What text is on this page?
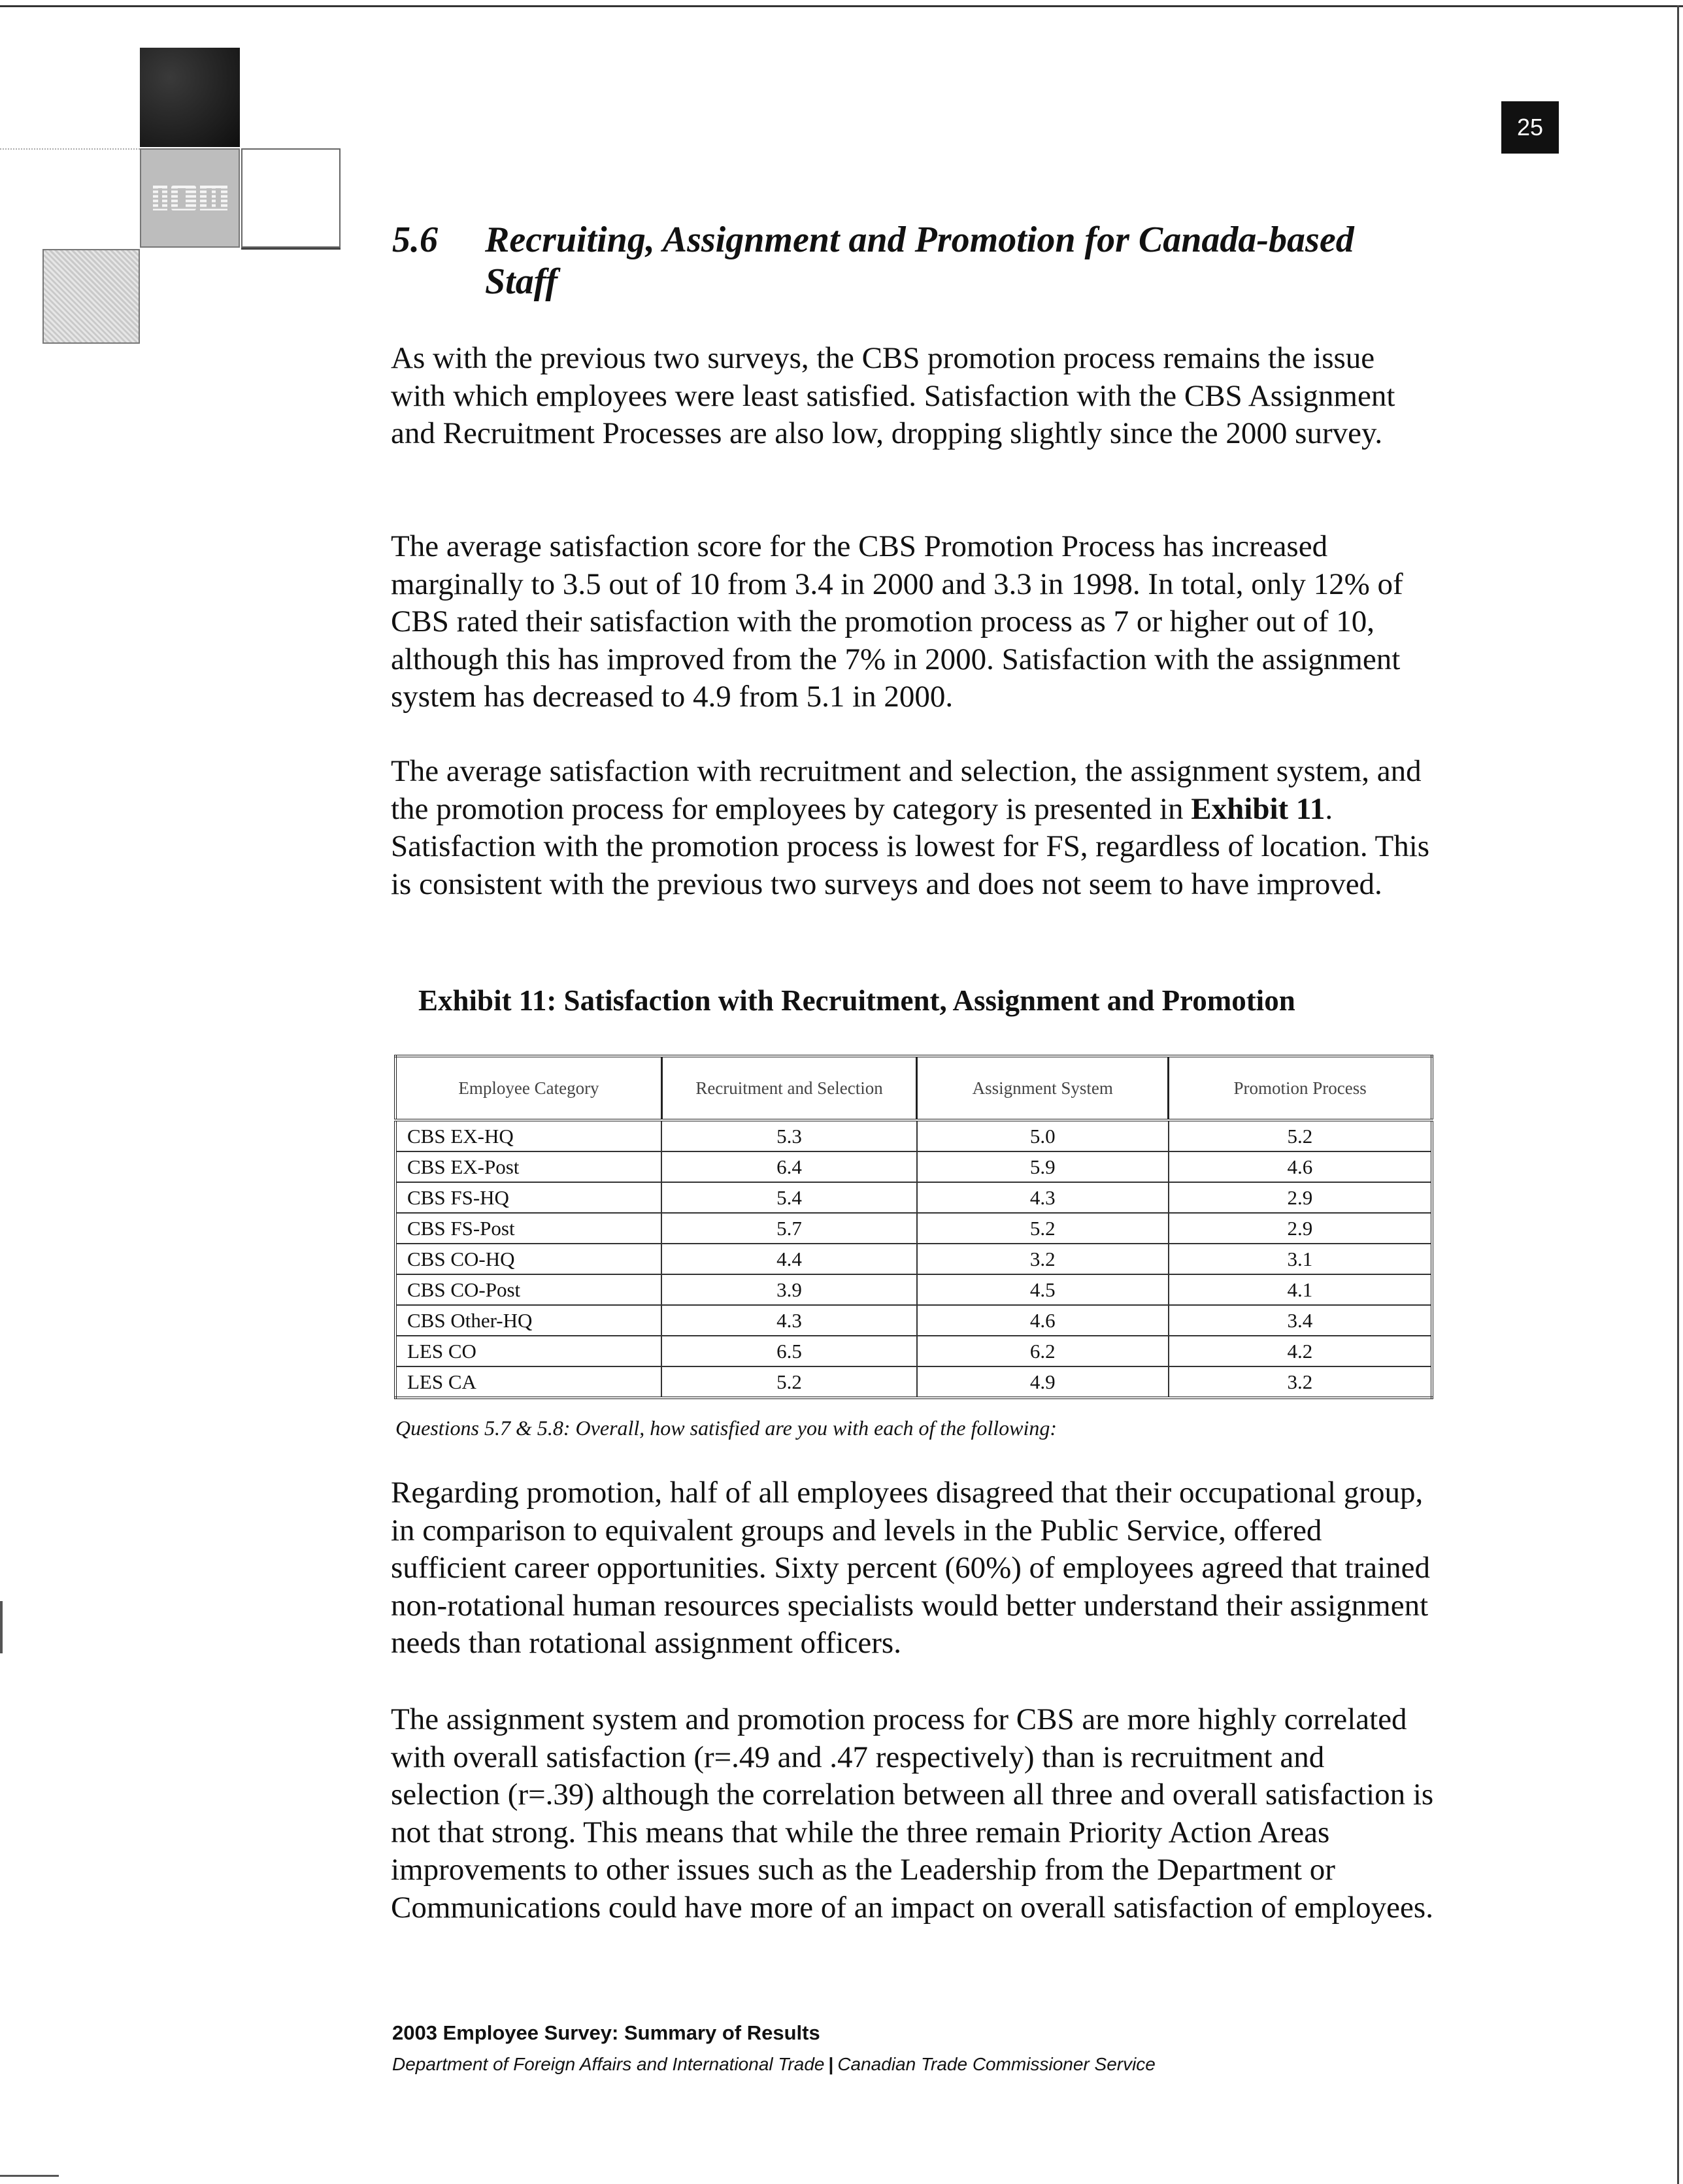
25
5.6 Recruiting, Assignment and Promotion for Canada-based Staff

As with the previous two surveys, the CBS promotion process remains the issue with which employees were least satisfied. Satisfaction with the CBS Assignment and Recruitment Processes are also low, dropping slightly since the 2000 survey.

The average satisfaction score for the CBS Promotion Process has increased marginally to 3.5 out of 10 from 3.4 in 2000 and 3.3 in 1998. In total, only 12% of CBS rated their satisfaction with the promotion process as 7 or higher out of 10, although this has improved from the 7% in 2000. Satisfaction with the assignment system has decreased to 4.9 from 5.1 in 2000.

The average satisfaction with recruitment and selection, the assignment system, and the promotion process for employees by category is presented in Exhibit 11. Satisfaction with the promotion process is lowest for FS, regardless of location. This is consistent with the previous two surveys and does not seem to have improved.

Exhibit 11: Satisfaction with Recruitment, Assignment and Promotion
Employee Category	Recruitment and Selection	Assignment System	Promotion Process
CBS EX-HQ	5.3	5.0	5.2
CBS EX-Post	6.4	5.9	4.6
CBS FS-HQ	5.4	4.3	2.9
CBS FS-Post	5.7	5.2	2.9
CBS CO-HQ	4.4	3.2	3.1
CBS CO-Post	3.9	4.5	4.1
CBS Other-HQ	4.3	4.6	3.4
LES CO	6.5	6.2	4.2
LES CA	5.2	4.9	3.2
Questions 5.7 & 5.8: Overall, how satisfied are you with each of the following:

Regarding promotion, half of all employees disagreed that their occupational group, in comparison to equivalent groups and levels in the Public Service, offered sufficient career opportunities. Sixty percent (60%) of employees agreed that trained non-rotational human resources specialists would better understand their assignment needs than rotational assignment officers.

The assignment system and promotion process for CBS are more highly correlated with overall satisfaction (r=.49 and .47 respectively) than is recruitment and selection (r=.39) although the correlation between all three and overall satisfaction is not that strong. This means that while the three remain Priority Action Areas improvements to other issues such as the Leadership from the Department or Communications could have more of an impact on overall satisfaction of employees.

2003 Employee Survey: Summary of Results
Department of Foreign Affairs and International Trade | Canadian Trade Commissioner Service
